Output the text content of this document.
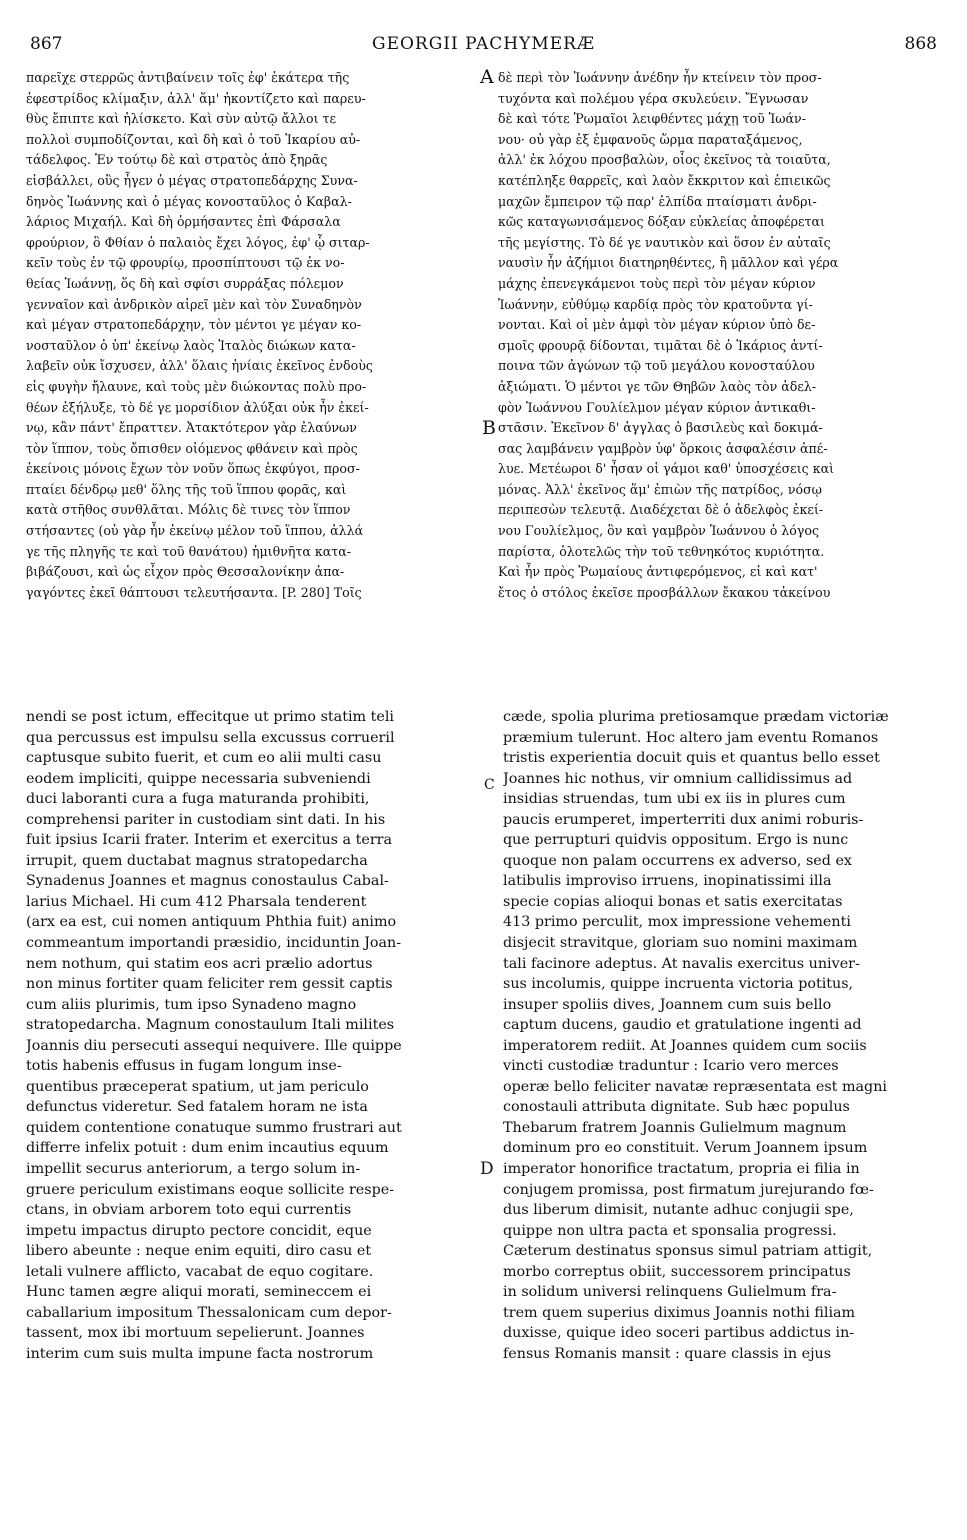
867	GEORGII PACHYMERÆ	868
A
B
C
D
παρεῖχε στερρῶς ἀντιβαίνειν τοῖς ἐφ' ἑκάτερα τῆς
ἐφεστρίδος κλίμαξιν, ἀλλ' ἅμ' ἠκοντίζετο καὶ παρευ-
θὺς ἔπιπτε καὶ ἡλίσκετο. Καὶ σὺν αὐτῷ ἄλλοι τε
πολλοὶ συμποδίζονται, καὶ δὴ καὶ ὁ τοῦ Ἰκαρίου αὐ-
τάδελφος. Ἐν τούτῳ δὲ καὶ στρατὸς ἀπὸ ξηρᾶς
εἰσβάλλει, οὓς ἦγεν ὁ μέγας στρατοπεδάρχης Συνα-
δηνὸς Ἰωάννης καὶ ὁ μέγας κονοσταῦλος ὁ Καβαλ-
λάριος Μιχαήλ. Καὶ δὴ ὁρμήσαντες ἐπὶ Φάρσαλα
φρούριον, ὃ Φθίαν ὁ παλαιὸς ἔχει λόγος, ἐφ' ᾧ σιταρ-
κεῖν τοὺς ἐν τῷ φρουρίῳ, προσπίπτουσι τῷ ἐκ νο-
θείας Ἰωάννῃ, ὅς δὴ καὶ σφίσι συρράξας πόλεμον
γενναῖον καὶ ἀνδρικὸν αἱρεῖ μὲν καὶ τὸν Συναδηνὸν
καὶ μέγαν στρατοπεδάρχην, τὸν μέντοι γε μέγαν κο-
νοσταῦλον ὁ ὑπ' ἐκείνῳ λαὸς Ἰταλὸς διώκων κατα-
λαβεῖν οὐκ ἴσχυσεν, ἀλλ' ὅλαις ἡνίαις ἐκεῖνος ἐνδοὺς
εἰς φυγὴν ἤλαυνε, καὶ τοὺς μὲν διώκοντας πολὺ προ-
θέων ἐξήλυξε, τὸ δέ γε μορσίδιον ἀλύξαι οὐκ ἦν ἐκεί-
νῳ, κἂν πάντ' ἔπραττεν. Ἀτακτότερον γὰρ ἐλαύνων
τὸν ἵππον, τοὺς ὄπισθεν οἰόμενος φθάνειν καὶ πρὸς
ἐκείνοις μόνοις ἔχων τὸν νοῦν ὅπως ἐκφύγοι, προσ-
πταίει δένδρῳ μεθ' ὅλης τῆς τοῦ ἵππου φορᾶς, καὶ
κατὰ στῆθος συνθλᾶται. Μόλις δὲ τινες τὸν ἵππον
στήσαντες (οὐ γὰρ ἦν ἐκείνῳ μέλον τοῦ ἵππου, ἀλλά
γε τῆς πληγῆς τε καὶ τοῦ θανάτου) ἡμιθνῆτα κατα-
βιβάζουσι, καὶ ὡς εἶχον πρὸς Θεσσαλονίκην ἀπα-
γαγόντες ἐκεῖ θάπτουσι τελευτήσαντα. [P. 280] Τοῖς
δὲ περὶ τὸν Ἰωάννην ἀνέδην ἦν κτείνειν τὸν προσ-
τυχόντα καὶ πολέμου γέρα σκυλεύειν. Ἔγνωσαν
δὲ καὶ τότε Ῥωμαῖοι λειφθέντες μάχῃ τοῦ Ἰωάν-
νου· οὐ γὰρ ἐξ ἐμφανοῦς ὥρμα παραταξάμενος,
ἀλλ' ἐκ λόχου προσβαλὼν, οἷος ἐκεῖνος τὰ τοιαῦτα,
κατέπληξε θαρρεῖς, καὶ λαὸν ἔκκριτον καὶ ἐπιεικῶς
μαχῶν ἔμπειρον τῷ παρ' ἐλπίδα πταίσματι ἀνδρι-
κῶς καταγωνισάμενος δόξαν εὐκλείας ἀποφέρεται
τῆς μεγίστης. Τὸ δέ γε ναυτικὸν καὶ ὅσον ἐν αὐταῖς
ναυσὶν ἦν ἀζήμιοι διατηρηθέντες, ἢ μᾶλλον καὶ γέρα
μάχης ἐπενεγκάμενοι τοὺς περὶ τὸν μέγαν κύριον
Ἰωάννην, εὐθύμῳ καρδίᾳ πρὸς τὸν κρατοῦντα γί-
νονται. Καὶ οἱ μὲν ἀμφὶ τὸν μέγαν κύριον ὑπὸ δε-
σμοῖς φρουρᾷ δίδονται, τιμᾶται δὲ ὁ Ἰκάριος ἀντί-
ποινα τῶν ἀγώνων τῷ τοῦ μεγάλου κονοσταύλου
ἀξιώματι. Ὁ μέντοι γε τῶν Θηβῶν λαὸς τὸν ἀδελ-
φὸν Ἰωάννου Γουλίελμον μέγαν κύριον ἀντικαθι-
στᾶσιν. Ἐκεῖνον δ' ἀγγλας ὁ βασιλεὺς καὶ δοκιμά-
σας λαμβάνειν γαμβρὸν ὑφ' ὅρκοις ἀσφαλέσιν ἀπέ-
λυε. Μετέωροι δ' ἦσαν οἱ γάμοι καθ' ὑποσχέσεις καὶ
μόνας. Ἀλλ' ἐκεῖνος ἅμ' ἐπιὼν τῆς πατρίδος, νόσῳ
περιπεσὼν τελευτᾷ. Διαδέχεται δὲ ὁ ἀδελφὸς ἐκεί-
νου Γουλίελμος, ὃν καὶ γαμβρὸν Ἰωάννου ὁ λόγος
παρίστα, ὁλοτελῶς τὴν τοῦ τεθνηκότος κυριότητα.
Καὶ ἦν πρὸς Ῥωμαίους ἀντιφερόμενος, εἰ καὶ κατ'
ἔτος ὁ στόλος ἐκεῖσε προσβάλλων ἔκακου τἀκείνου
nendi se post ictum, effecitque ut primo statim teli
qua percussus est impulsu sella excussus corrueril
captusque subito fuerit, et cum eo alii multi casu
eodem impliciti, quippe necessaria subveniendi
duci laboranti cura a fuga maturanda prohibiti,
comprehensi pariter in custodiam sint dati. In his
fuit ipsius Icarii frater. Interim et exercitus a terra
irrupit, quem ductabat magnus stratopedarcha
Synadenus Joannes et magnus conostaulus Cabal-
larius Michael. Hi cum 412 Pharsala tenderent
(arx ea est, cui nomen antiquum Phthia fuit) animo
commeantum importandi præsidio, inciduntin Joan-
nem nothum, qui statim eos acri prælio adortus
non minus fortiter quam feliciter rem gessit captis
cum aliis plurimis, tum ipso Synadeno magno
stratopedarcha. Magnum conostaulum Itali milites
Joannis diu persecuti assequi nequivere. Ille quippe
totis habenis effusus in fugam longum inse-
quentibus præceperat spatium, ut jam periculo
defunctus videretur. Sed fatalem horam ne ista
quidem contentione conatuque summo frustrari aut
differre infelix potuit : dum enim incautius equum
impellit securus anteriorum, a tergo solum in-
gruere periculum existimans eoque sollicite respe-
ctans, in obviam arborem toto equi currentis
impetu impactus dirupto pectore concidit, eque
libero abeunte : neque enim equiti, diro casu et
letali vulnere afflicto, vacabat de equo cogitare.
Hunc tamen ægre aliqui morati, semineccem ei
caballarium impositum Thessalonicam cum depor-
tassent, mox ibi mortuum sepelierunt. Joannes
interim cum suis multa impune facta nostrorum
cæde, spolia plurima pretiosamque prædam victoriæ
præmium tulerunt. Hoc altero jam eventu Romanos
tristis experientia docuit quis et quantus bello esset
Joannes hic nothus, vir omnium callidissimus ad
insidias struendas, tum ubi ex iis in plures cum
paucis erumperet, imperterriti dux animi roburis-
que perrupturi quidvis oppositum. Ergo is nunc
quoque non palam occurrens ex adverso, sed ex
latibulis improviso irruens, inopinatissimi illa
specie copias alioqui bonas et satis exercitatas
413 primo perculit, mox impressione vehementi
disjecit stravitque, gloriam suo nomini maximam
tali facinore adeptus. At navalis exercitus univer-
sus incolumis, quippe incruenta victoria potitus,
insuper spoliis dives, Joannem cum suis bello
captum ducens, gaudio et gratulatione ingenti ad
imperatorem rediit. At Joannes quidem cum sociis
vincti custodiæ traduntur : Icario vero merces
operæ bello feliciter navatæ repræsentata est magni
conostauli attributa dignitate. Sub hæc populus
Thebarum fratrem Joannis Gulielmum magnum
dominum pro eo constituit. Verum Joannem ipsum
imperator honorifice tractatum, propria ei filia in
conjugem promissa, post firmatum jurejurando fœ-
dus liberum dimisit, nutante adhuc conjugii spe,
quippe non ultra pacta et sponsalia progressi.
Cæterum destinatus sponsus simul patriam attigit,
morbo correptus obiit, successorem principatus
in solidum universi relinquens Gulielmum fra-
trem quem superius diximus Joannis nothi filiam
duxisse, quique ideo soceri partibus addictus in-
fensus Romanis mansit : quare classis in ejus
